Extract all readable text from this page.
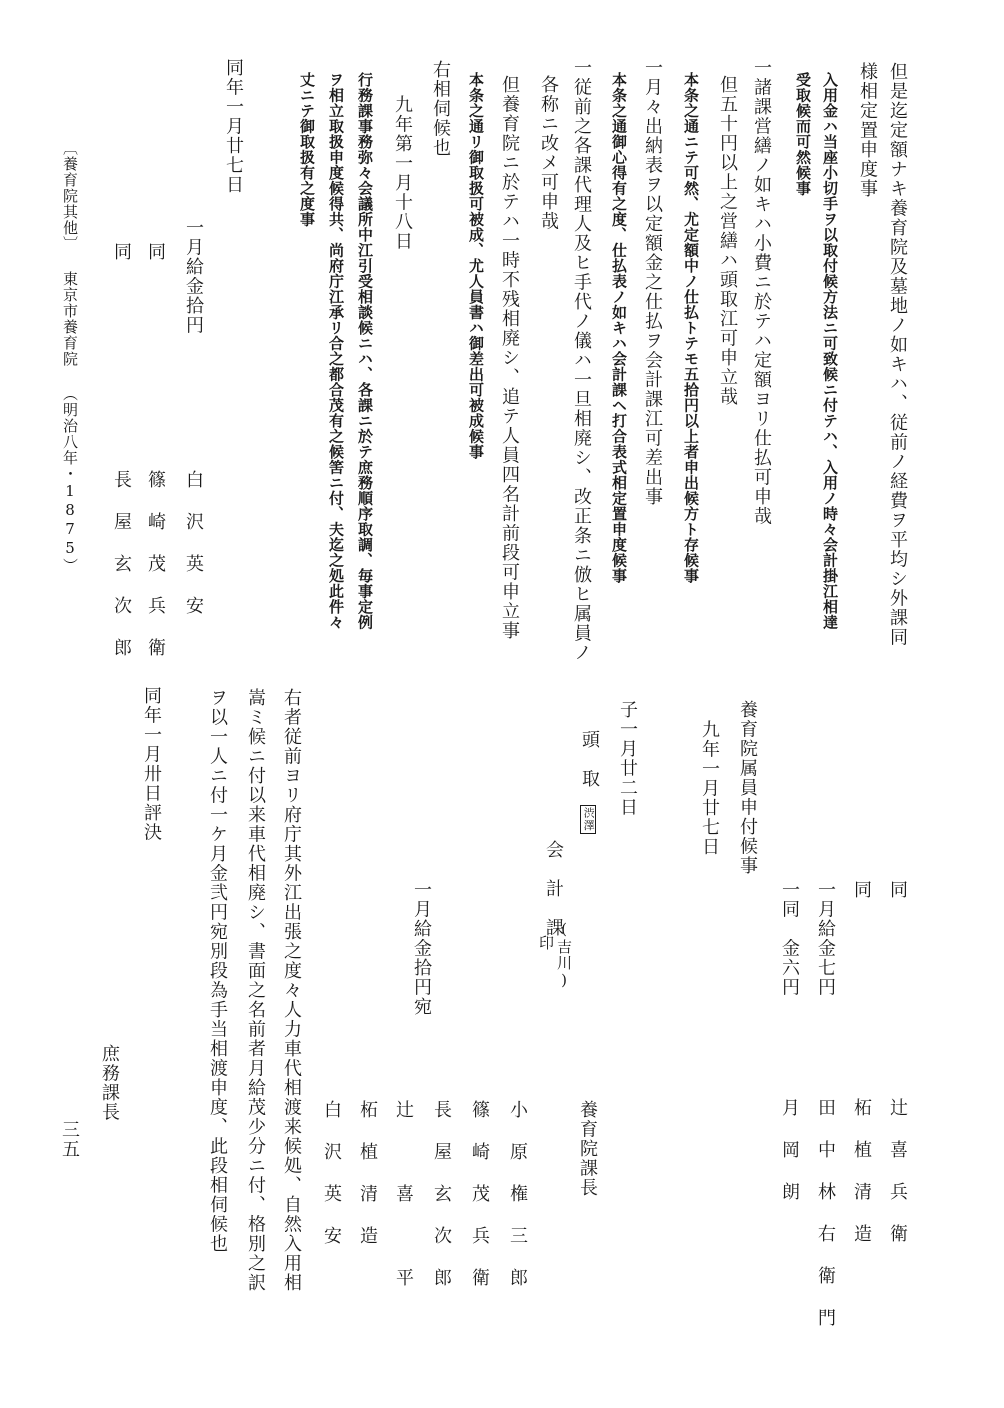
但是迄定額ナキ養育院及墓地ノ如キハ、従前ノ経費ヲ平均シ外課同
様相定置申度事
入用金ハ当座小切手ヲ以取付候方法ニ可致候ニ付テハ、入用ノ時々会計掛江相達
受取候而可然候事
一諸課営繕ノ如キハ小費ニ於テハ定額ヨリ仕払可申哉
但五十円以上之営繕ハ頭取江可申立哉
本条之通ニテ可然、尤定額中ノ仕払トテモ五拾円以上者申出候方ト存候事
一月々出納表ヲ以定額金之仕払ヲ会計課江可差出事
本条之通御心得有之度、仕払表ノ如キハ会計課ヘ打合表式相定置申度候事
一従前之各課代理人及ヒ手代ノ儀ハ一旦相廃シ、改正条ニ倣ヒ属員ノ
各称ニ改メ可申哉
但養育院ニ於テハ一時不残相廃シ、追テ人員四名計前段可申立事
本条之通リ御取扱可被成、尤人員書ハ御差出可被成候事
右相伺候也
九年第一月十八日
行務課事務弥々会議所中江引受相談候ニハ、各課ニ於テ庶務順序取調、毎事定例
ヲ相立取扱申度候得共、尚府庁江承リ合之都合茂有之候筈ニ付、夫迄之処此件々
丈ニテ御取扱有之度事
同年一月廿七日
一月給金拾円
白 沢 英 安
同
篠 崎 茂 兵 衛
同
長 屋 玄 次 郎
〔養育院其他〕 東京市養育院 （明治八年・1875）
同
辻 喜 兵 衛
同
柘 植 清 造
一月給金七円
田 中 林 右 衛 門
一同　金六円
月 岡 朗
養育院属員申付候事
九年一月廿七日
子一月廿二日
頭　取
渋澤
会　計　課
(吉川)
印
養育院課長
一月給金拾円宛
小 原 権 三 郎
篠 崎 茂 兵 衛
長 屋 玄 次 郎
辻 　 喜 　 平
柘 植 清 造
白 沢 英 安
右者従前ヨリ府庁其外江出張之度々人力車代相渡来候処、自然入用相
嵩ミ候ニ付以来車代相廃シ、書面之名前者月給茂少分ニ付、格別之訳
ヲ以一人ニ付一ケ月金弐円宛別段為手当相渡申度、此段相伺候也
同年一月卅日評決
庶務課長
三五
